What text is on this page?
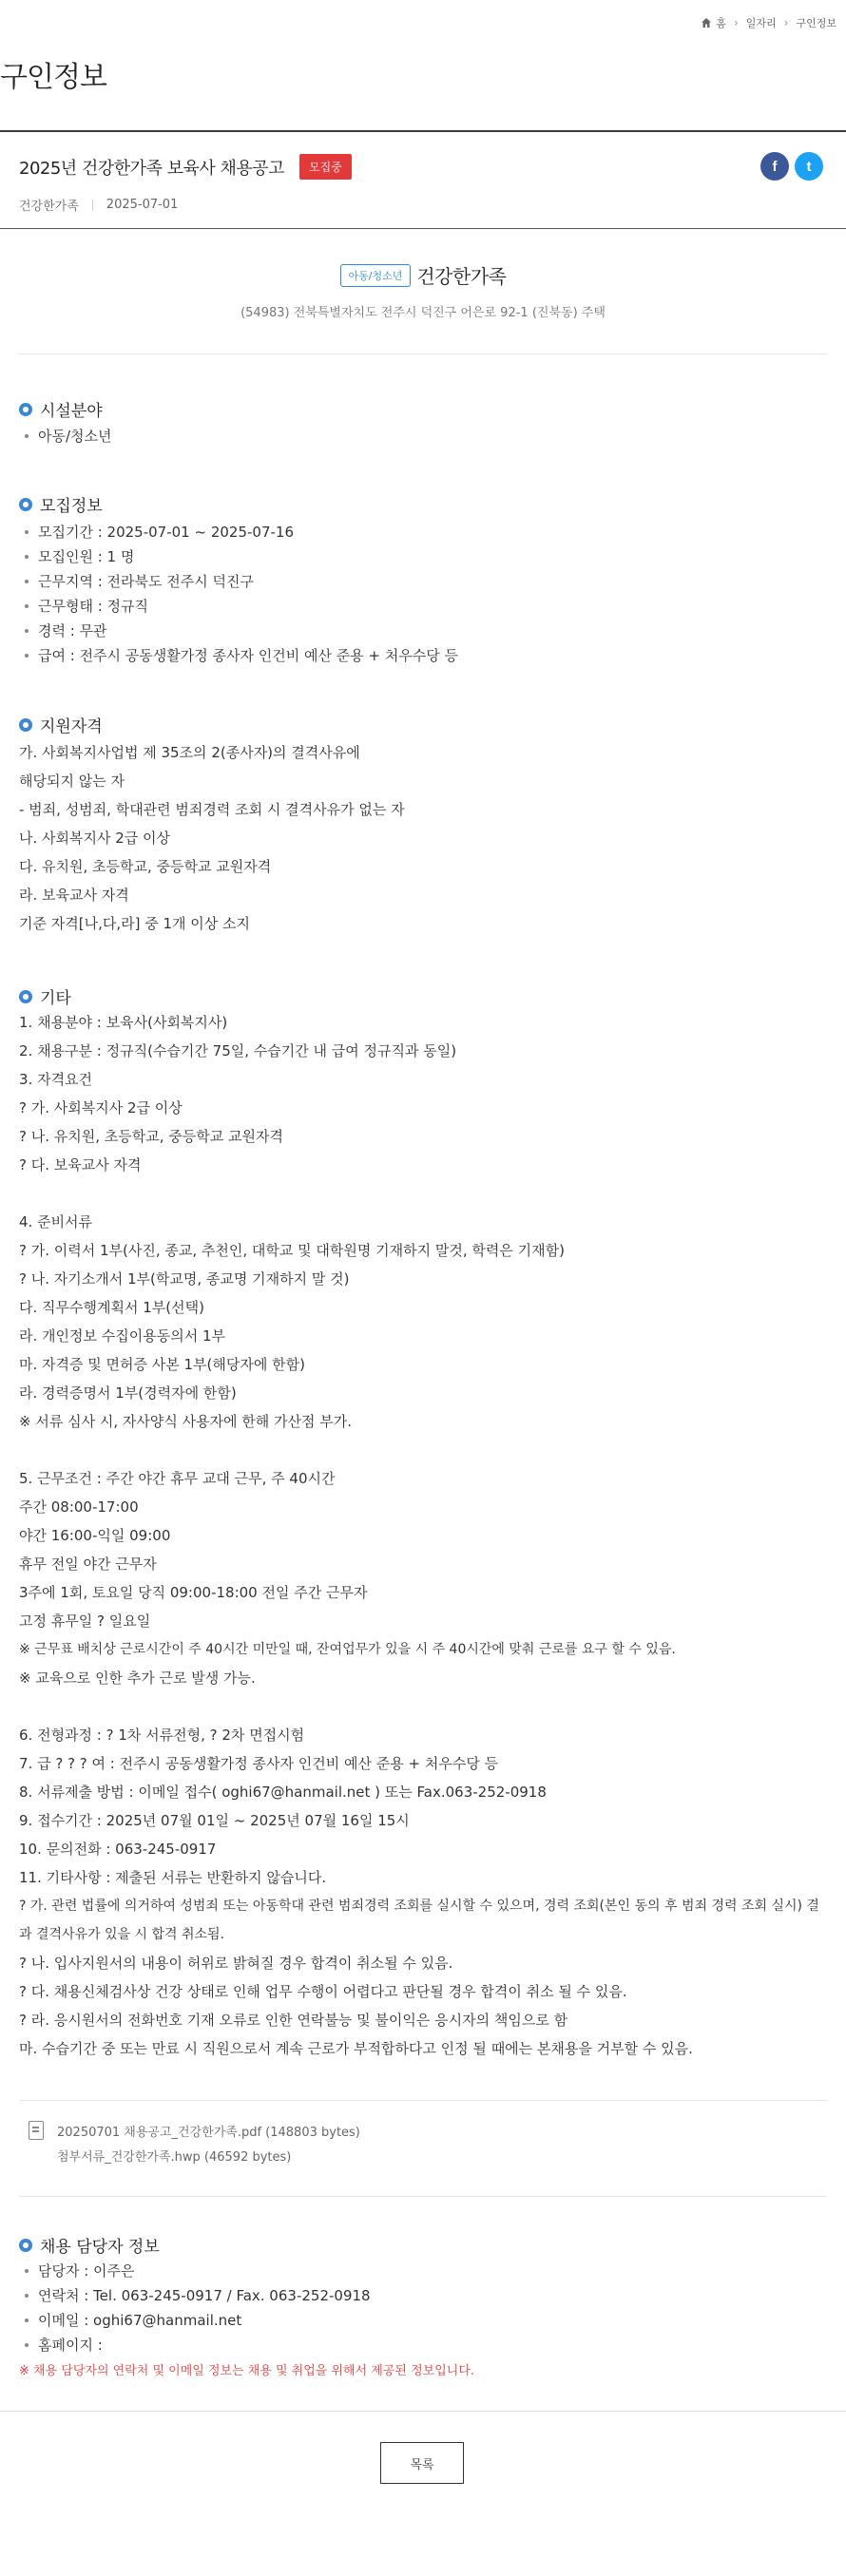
홈 › 일자리 › 구인정보
구인정보
2025년 건강한가족 보육사 채용공고	모집중	f	t
건강한가족 2025-07-01
아동/청소년 건강한가족
(54983) 전북특별자치도 전주시 덕진구 어은로 92-1 (진북동) 주택
시설분야
아동/청소년
모집정보
모집기간 : 2025-07-01 ~ 2025-07-16
모집인원 : 1 명
근무지역 : 전라북도 전주시 덕진구
근무형태 : 정규직
경력 : 무관
급여 : 전주시 공동생활가정 종사자 인건비 예산 준용 + 처우수당 등
지원자격
가. 사회복지사업법 제 35조의 2(종사자)의 결격사유에
해당되지 않는 자
- 범죄, 성범죄, 학대관련 범죄경력 조회 시 결격사유가 없는 자
나. 사회복지사 2급 이상
다. 유치원, 초등학교, 중등학교 교원자격
라. 보육교사 자격
기준 자격[나,다,라] 중 1개 이상 소지
기타
1. 채용분야 : 보육사(사회복지사)
2. 채용구분 : 정규직(수습기간 75일, 수습기간 내 급여 정규직과 동일)
3. 자격요건
? 가. 사회복지사 2급 이상
? 나. 유치원, 초등학교, 중등학교 교원자격
? 다. 보육교사 자격
4. 준비서류
? 가. 이력서 1부(사진, 종교, 추천인, 대학교 및 대학원명 기재하지 말것, 학력은 기재함)
? 나. 자기소개서 1부(학교명, 종교명 기재하지 말 것)
다. 직무수행계획서 1부(선택)
라. 개인정보 수집이용동의서 1부
마. 자격증 및 면허증 사본 1부(해당자에 한함)
라. 경력증명서 1부(경력자에 한함)
※ 서류 심사 시, 자사양식 사용자에 한해 가산점 부가.
5. 근무조건 : 주간 야간 휴무 교대 근무, 주 40시간
주간 08:00-17:00
야간 16:00-익일 09:00
휴무 전일 야간 근무자
3주에 1회, 토요일 당직 09:00-18:00 전일 주간 근무자
고정 휴무일 ? 일요일
※ 근무표 배치상 근로시간이 주 40시간 미만일 때, 잔여업무가 있을 시 주 40시간에 맞춰 근로를 요구 할 수 있음.
※ 교육으로 인한 추가 근로 발생 가능.
6. 전형과정 : ? 1차 서류전형, ? 2차 면접시험
7. 급 ? ? ? 여 : 전주시 공동생활가정 종사자 인건비 예산 준용 + 처우수당 등
8. 서류제출 방법 : 이메일 접수( oghi67@hanmail.net ) 또는 Fax.063-252-0918
9. 접수기간 : 2025년 07월 01일 ~ 2025년 07월 16일 15시
10. 문의전화 : 063-245-0917
11. 기타사항 : 제출된 서류는 반환하지 않습니다.
? 가. 관련 법률에 의거하여 성범죄 또는 아동학대 관련 범죄경력 조회를 실시할 수 있으며, 경력 조회(본인 동의 후 범죄 경력 조회 실시) 결과 결격사유가 있을 시 합격 취소됨.
? 나. 입사지원서의 내용이 허위로 밝혀질 경우 합격이 취소될 수 있음.
? 다. 채용신체검사상 건강 상태로 인해 업무 수행이 어렵다고 판단될 경우 합격이 취소 될 수 있음.
? 라. 응시원서의 전화번호 기재 오류로 인한 연락불능 및 불이익은 응시자의 책임으로 함
마. 수습기간 중 또는 만료 시 직원으로서 계속 근로가 부적합하다고 인정 될 때에는 본채용을 거부할 수 있음.
20250701 채용공고_건강한가족.pdf (148803 bytes)
첨부서류_건강한가족.hwp (46592 bytes)
채용 담당자 정보
담당자 : 이주은
연락처 : Tel. 063-245-0917 / Fax. 063-252-0918
이메일 : oghi67@hanmail.net
홈페이지 :
※ 채용 담당자의 연락처 및 이메일 정보는 채용 및 취업을 위해서 제공된 정보입니다.
목록
